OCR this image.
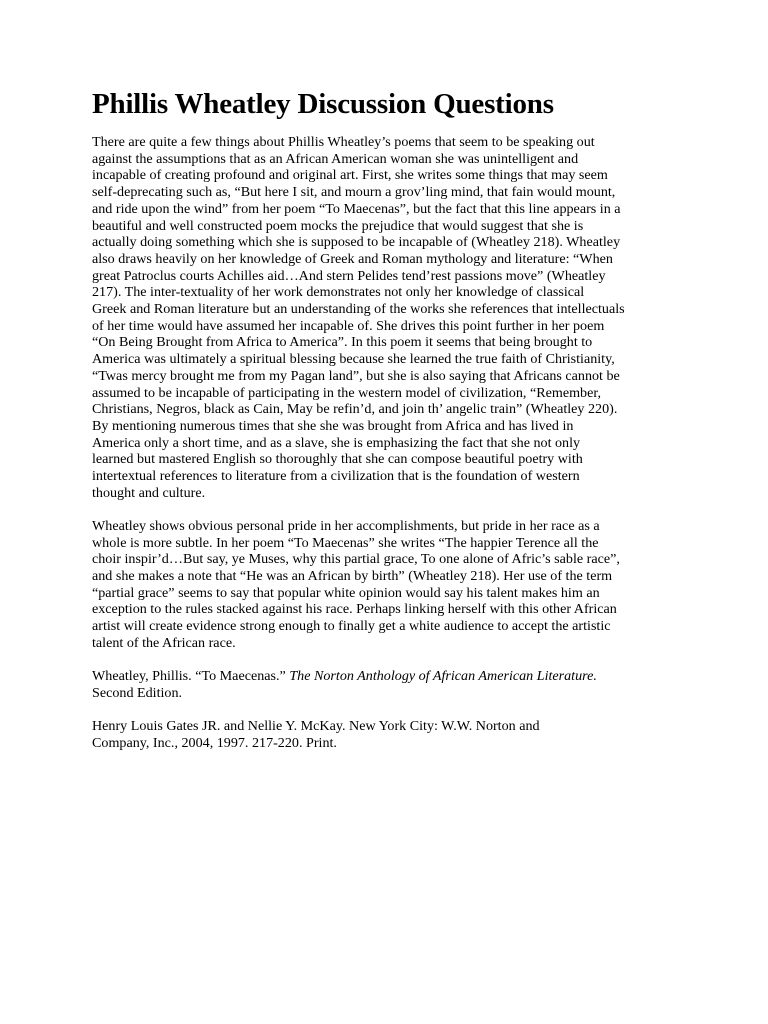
Phillis Wheatley Discussion Questions

There are quite a few things about Phillis Wheatley’s poems that seem to be speaking out
against the assumptions that as an African American woman she was unintelligent and
incapable of creating profound and original art. First, she writes some things that may seem
self-deprecating such as, “But here I sit, and mourn a grov’ling mind, that fain would mount,
and ride upon the wind” from her poem “To Maecenas”, but the fact that this line appears in a
beautiful and well constructed poem mocks the prejudice that would suggest that she is
actually doing something which she is supposed to be incapable of (Wheatley 218). Wheatley
also draws heavily on her knowledge of Greek and Roman mythology and literature: “When
great Patroclus courts Achilles aid…And stern Pelides tend’rest passions move” (Wheatley
217). The inter-textuality of her work demonstrates not only her knowledge of classical
Greek and Roman literature but an understanding of the works she references that intellectuals
of her time would have assumed her incapable of. She drives this point further in her poem
“On Being Brought from Africa to America”. In this poem it seems that being brought to
America was ultimately a spiritual blessing because she learned the true faith of Christianity,
“Twas mercy brought me from my Pagan land”, but she is also saying that Africans cannot be
assumed to be incapable of participating in the western model of civilization, “Remember,
Christians, Negros, black as Cain, May be refin’d, and join th’ angelic train” (Wheatley 220).
By mentioning numerous times that she she was brought from Africa and has lived in
America only a short time, and as a slave, she is emphasizing the fact that she not only
learned but mastered English so thoroughly that she can compose beautiful poetry with
intertextual references to literature from a civilization that is the foundation of western
thought and culture.

Wheatley shows obvious personal pride in her accomplishments, but pride in her race as a
whole is more subtle. In her poem “To Maecenas” she writes “The happier Terence all the
choir inspir’d…But say, ye Muses, why this partial grace, To one alone of Afric’s sable race”,
and she makes a note that “He was an African by birth” (Wheatley 218). Her use of the term
“partial grace” seems to say that popular white opinion would say his talent makes him an
exception to the rules stacked against his race. Perhaps linking herself with this other African
artist will create evidence strong enough to finally get a white audience to accept the artistic
talent of the African race.

Wheatley, Phillis. “To Maecenas.” The Norton Anthology of African American Literature.
Second Edition.

Henry Louis Gates JR. and Nellie Y. McKay. New York City: W.W. Norton and
Company, Inc., 2004, 1997. 217-220. Print.
